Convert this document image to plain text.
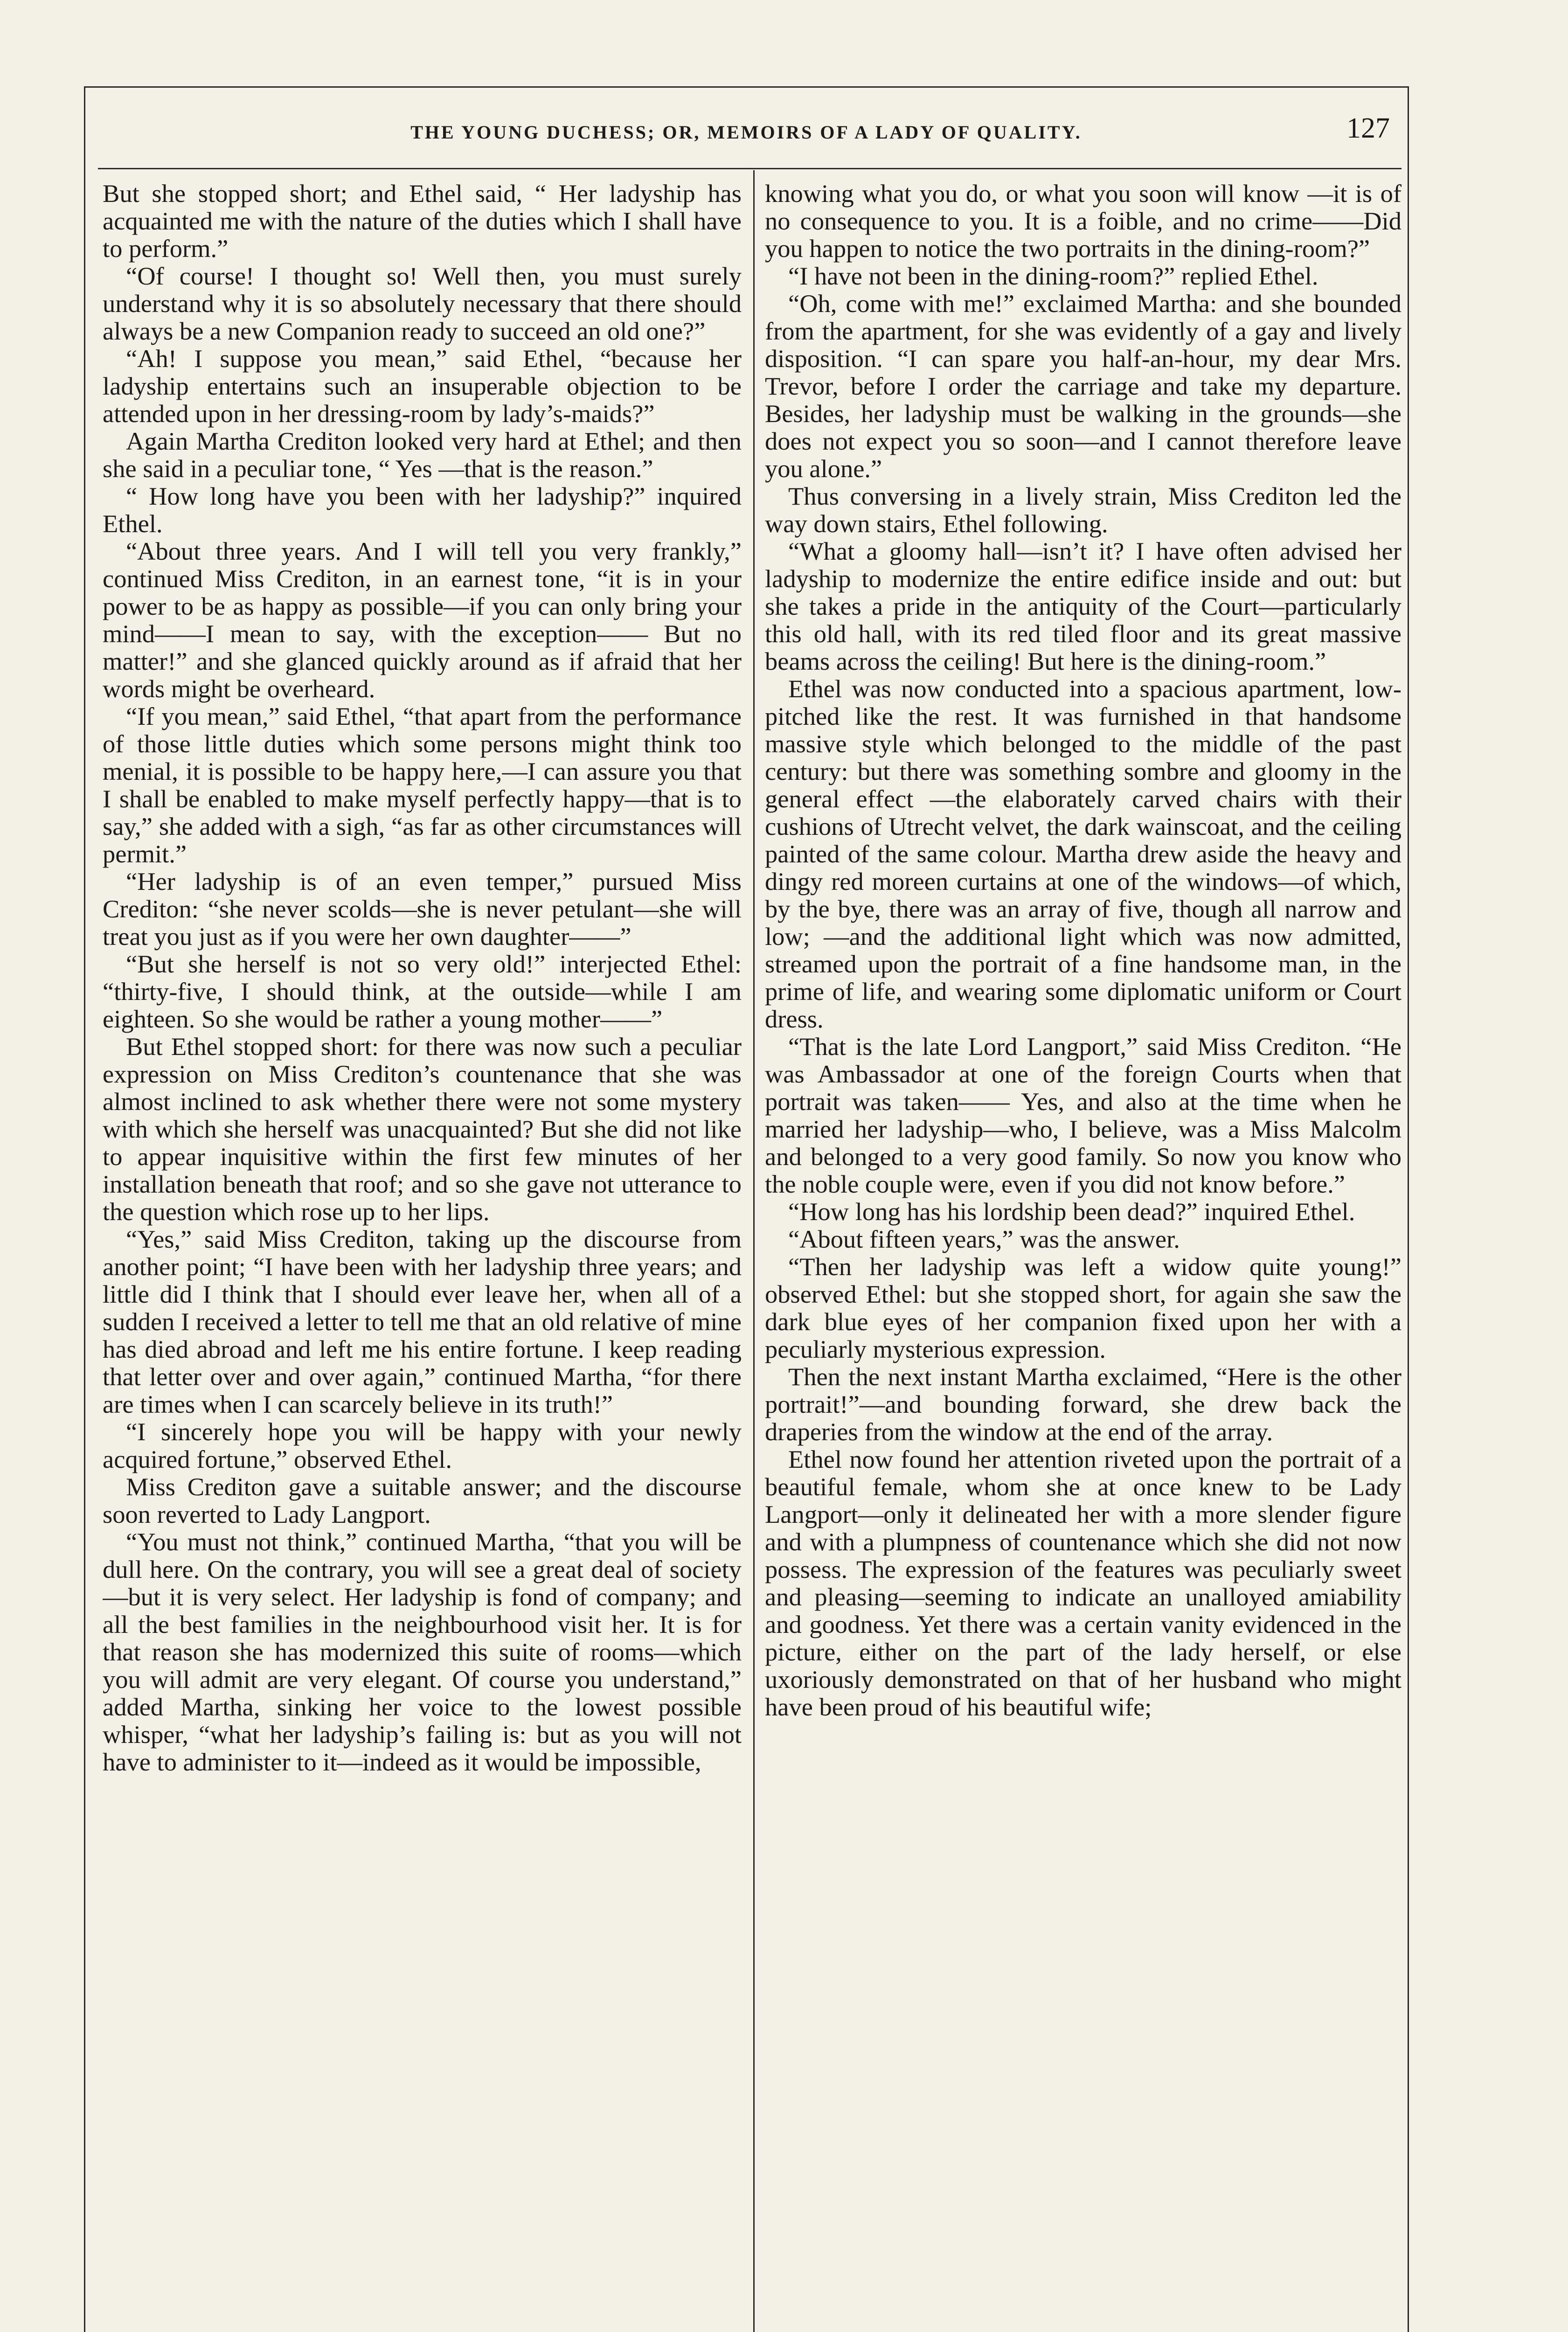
THE YOUNG DUCHESS; OR, MEMOIRS OF A LADY OF QUALITY.	127

But she stopped short; and Ethel said, “ Her ladyship has acquainted me with the nature of the duties which I shall have to perform.”

“Of course! I thought so! Well then, you must surely understand why it is so absolutely necessary that there should always be a new Companion ready to succeed an old one?”

“Ah! I suppose you mean,” said Ethel, “because her ladyship entertains such an insuperable objection to be attended upon in her dressing-room by lady’s-maids?”

Again Martha Crediton looked very hard at Ethel; and then she said in a peculiar tone, “ Yes —that is the reason.”

“ How long have you been with her ladyship?” inquired Ethel.

“About three years. And I will tell you very frankly,” continued Miss Crediton, in an earnest tone, “it is in your power to be as happy as possible—if you can only bring your mind——I mean to say, with the exception—— But no matter!” and she glanced quickly around as if afraid that her words might be overheard.

“If you mean,” said Ethel, “that apart from the performance of those little duties which some persons might think too menial, it is possible to be happy here,—I can assure you that I shall be enabled to make myself perfectly happy—that is to say,” she added with a sigh, “as far as other circumstances will permit.”

“Her ladyship is of an even temper,” pursued Miss Crediton: “she never scolds—she is never petulant—she will treat you just as if you were her own daughter——”

“But she herself is not so very old!” interjected Ethel: “thirty-five, I should think, at the outside—while I am eighteen. So she would be rather a young mother——”

But Ethel stopped short: for there was now such a peculiar expression on Miss Crediton’s countenance that she was almost inclined to ask whether there were not some mystery with which she herself was unacquainted? But she did not like to appear inquisitive within the first few minutes of her installation beneath that roof; and so she gave not utterance to the question which rose up to her lips.

“Yes,” said Miss Crediton, taking up the discourse from another point; “I have been with her ladyship three years; and little did I think that I should ever leave her, when all of a sudden I received a letter to tell me that an old relative of mine has died abroad and left me his entire fortune. I keep reading that letter over and over again,” continued Martha, “for there are times when I can scarcely believe in its truth!”

“I sincerely hope you will be happy with your newly acquired fortune,” observed Ethel.

Miss Crediton gave a suitable answer; and the discourse soon reverted to Lady Langport.

“You must not think,” continued Martha, “that you will be dull here. On the contrary, you will see a great deal of society—but it is very select. Her ladyship is fond of company; and all the best families in the neighbourhood visit her. It is for that reason she has modernized this suite of rooms—which you will admit are very elegant. Of course you understand,” added Martha, sinking her voice to the lowest possible whisper, “what her ladyship’s failing is: but as you will not have to administer to it—indeed as it would be impossible,

knowing what you do, or what you soon will know —it is of no consequence to you. It is a foible, and no crime——Did you happen to notice the two portraits in the dining-room?”

“I have not been in the dining-room?” replied Ethel.

“Oh, come with me!” exclaimed Martha: and she bounded from the apartment, for she was evidently of a gay and lively disposition. “I can spare you half-an-hour, my dear Mrs. Trevor, before I order the carriage and take my departure. Besides, her ladyship must be walking in the grounds—she does not expect you so soon—and I cannot therefore leave you alone.”

Thus conversing in a lively strain, Miss Crediton led the way down stairs, Ethel following.

“What a gloomy hall—isn’t it? I have often advised her ladyship to modernize the entire edifice inside and out: but she takes a pride in the antiquity of the Court—particularly this old hall, with its red tiled floor and its great massive beams across the ceiling! But here is the dining-room.”

Ethel was now conducted into a spacious apartment, low-pitched like the rest. It was furnished in that handsome massive style which belonged to the middle of the past century: but there was something sombre and gloomy in the general effect —the elaborately carved chairs with their cushions of Utrecht velvet, the dark wainscoat, and the ceiling painted of the same colour. Martha drew aside the heavy and dingy red moreen curtains at one of the windows—of which, by the bye, there was an array of five, though all narrow and low; —and the additional light which was now admitted, streamed upon the portrait of a fine handsome man, in the prime of life, and wearing some diplomatic uniform or Court dress.

“That is the late Lord Langport,” said Miss Crediton. “He was Ambassador at one of the foreign Courts when that portrait was taken—— Yes, and also at the time when he married her ladyship—who, I believe, was a Miss Malcolm and belonged to a very good family. So now you know who the noble couple were, even if you did not know before.”

“How long has his lordship been dead?” inquired Ethel.

“About fifteen years,” was the answer.

“Then her ladyship was left a widow quite young!” observed Ethel: but she stopped short, for again she saw the dark blue eyes of her companion fixed upon her with a peculiarly mysterious expression.

Then the next instant Martha exclaimed, “Here is the other portrait!”—and bounding forward, she drew back the draperies from the window at the end of the array.

Ethel now found her attention riveted upon the portrait of a beautiful female, whom she at once knew to be Lady Langport—only it delineated her with a more slender figure and with a plumpness of countenance which she did not now possess. The expression of the features was peculiarly sweet and pleasing—seeming to indicate an unalloyed amiability and goodness. Yet there was a certain vanity evidenced in the picture, either on the part of the lady herself, or else uxoriously demonstrated on that of her husband who might have been proud of his beautiful wife;
